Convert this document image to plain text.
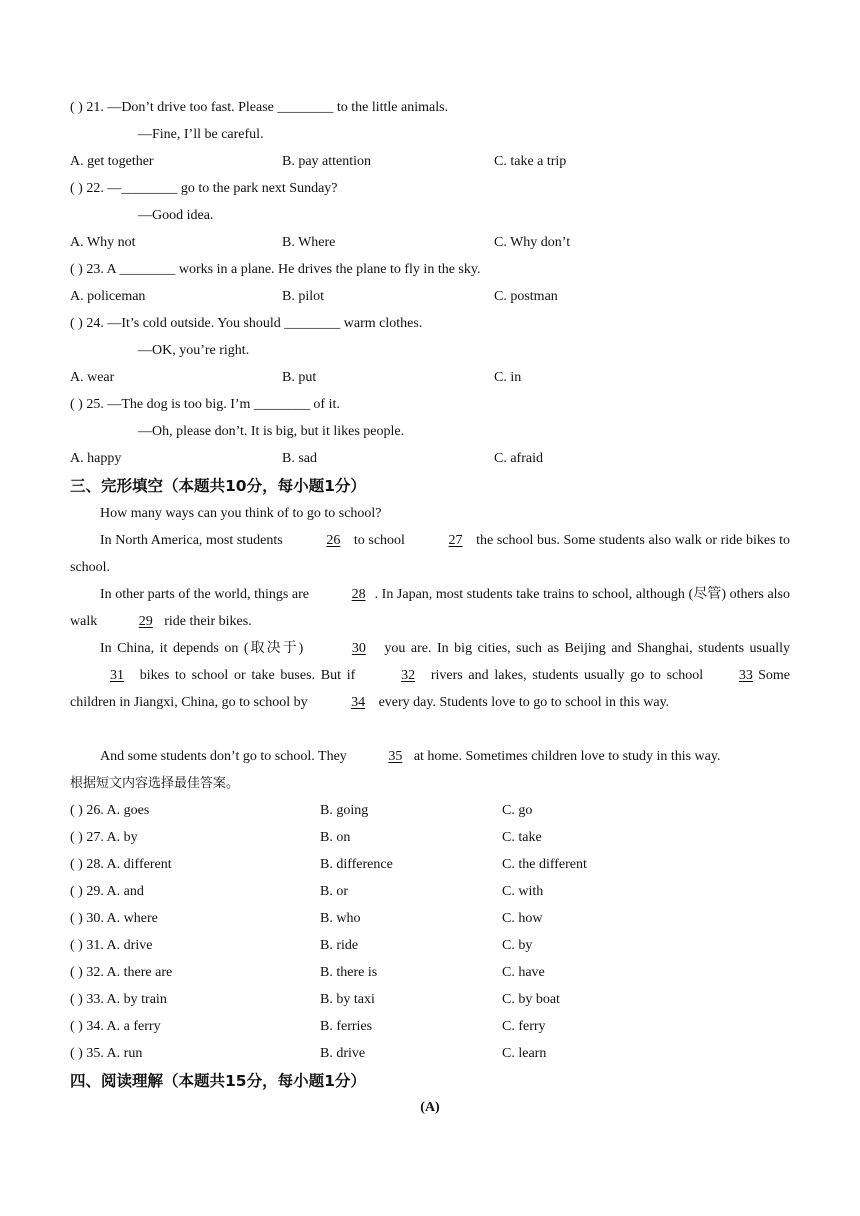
( ) 21. —Don’t drive too fast. Please ________ to the little animals.
—Fine, I’ll be careful.
A. get together	B. pay attention	C. take a trip
( ) 22. —________ go to the park next Sunday?
—Good idea.
A. Why not	B. Where	C. Why don’t
( ) 23. A ________ works in a plane. He drives the plane to fly in the sky.
A. policeman	B. pilot	C. postman
( ) 24. —It’s cold outside. You should ________ warm clothes.
—OK, you’re right.
A. wear	B. put	C. in
( ) 25. —The dog is too big. I’m ________ of it.
—Oh, please don’t. It is big, but it likes people.
A. happy	B. sad	C. afraid
三、完形填空（本题共10分，每小题1分）
How many ways can you think of to go to school?
In North America, most students	26 to school	27 the school bus. Some students also walk or ride bikes to school.
In other parts of the world, things are	28 . In Japan, most students take trains to school, although (尽管) others also walk	29 ride their bikes.
In China, it depends on (取决于)	30 you are. In big cities, such as Beijing and Shanghai, students usually 31 bikes to school or take buses. But if	32 rivers and lakes, students usually go to school	33. Some children in Jiangxi, China, go to school by	34 every day. Students love to go to school in this way.
And some students don’t go to school. They	35 at home. Sometimes children love to study in this way.
根据短文内容选择最佳答案。
( ) 26. A. goes	B. going	C. go
( ) 27. A. by	B. on	C. take
( ) 28. A. different	B. difference	C. the different
( ) 29. A. and	B. or	C. with
( ) 30. A. where	B. who	C. how
( ) 31. A. drive	B. ride	C. by
( ) 32. A. there are	B. there is	C. have
( ) 33. A. by train	B. by taxi	C. by boat
( ) 34. A. a ferry	B. ferries	C. ferry
( ) 35. A. run	B. drive	C. learn
四、阅读理解（本题共15分，每小题1分）
(A)
